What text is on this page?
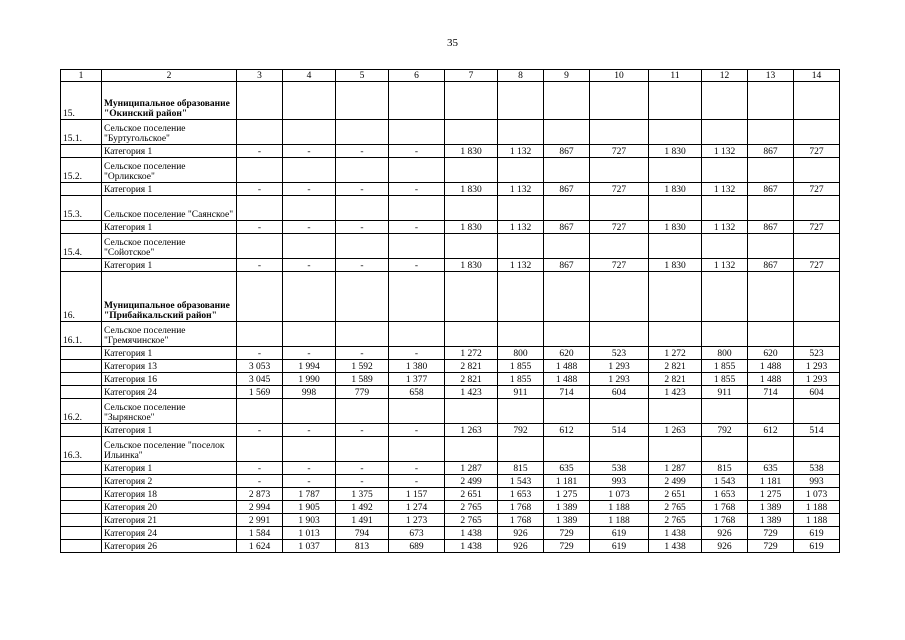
35
1	2	3	4	5	6	7	8	9	10	11	12	13	14
15.	Муниципальное образование "Окинский район"												
15.1.	Сельское поселение "Буртугольское"												
	Категория 1	-	-	-	-	1 830	1 132	867	727	1 830	1 132	867	727
15.2.	Сельское поселение "Орликское"												
	Категория 1	-	-	-	-	1 830	1 132	867	727	1 830	1 132	867	727
15.3.	Сельское поселение "Саянское"												
	Категория 1	-	-	-	-	1 830	1 132	867	727	1 830	1 132	867	727
15.4.	Сельское поселение "Сойотское"												
	Категория 1	-	-	-	-	1 830	1 132	867	727	1 830	1 132	867	727
16.	Муниципальное образование "Прибайкальский район"												
16.1.	Сельское поселение "Гремячинское"												
	Категория 1	-	-	-	-	1 272	800	620	523	1 272	800	620	523
	Категория 13	3 053	1 994	1 592	1 380	2 821	1 855	1 488	1 293	2 821	1 855	1 488	1 293
	Категория 16	3 045	1 990	1 589	1 377	2 821	1 855	1 488	1 293	2 821	1 855	1 488	1 293
	Категория 24	1 569	998	779	658	1 423	911	714	604	1 423	911	714	604
16.2.	Сельское поселение "Зырянское"												
	Категория 1	-	-	-	-	1 263	792	612	514	1 263	792	612	514
16.3.	Сельское поселение "поселок Ильинка"												
	Категория 1	-	-	-	-	1 287	815	635	538	1 287	815	635	538
	Категория 2	-	-	-	-	2 499	1 543	1 181	993	2 499	1 543	1 181	993
	Категория 18	2 873	1 787	1 375	1 157	2 651	1 653	1 275	1 073	2 651	1 653	1 275	1 073
	Категория 20	2 994	1 905	1 492	1 274	2 765	1 768	1 389	1 188	2 765	1 768	1 389	1 188
	Категория 21	2 991	1 903	1 491	1 273	2 765	1 768	1 389	1 188	2 765	1 768	1 389	1 188
	Категория 24	1 584	1 013	794	673	1 438	926	729	619	1 438	926	729	619
	Категория 26	1 624	1 037	813	689	1 438	926	729	619	1 438	926	729	619
